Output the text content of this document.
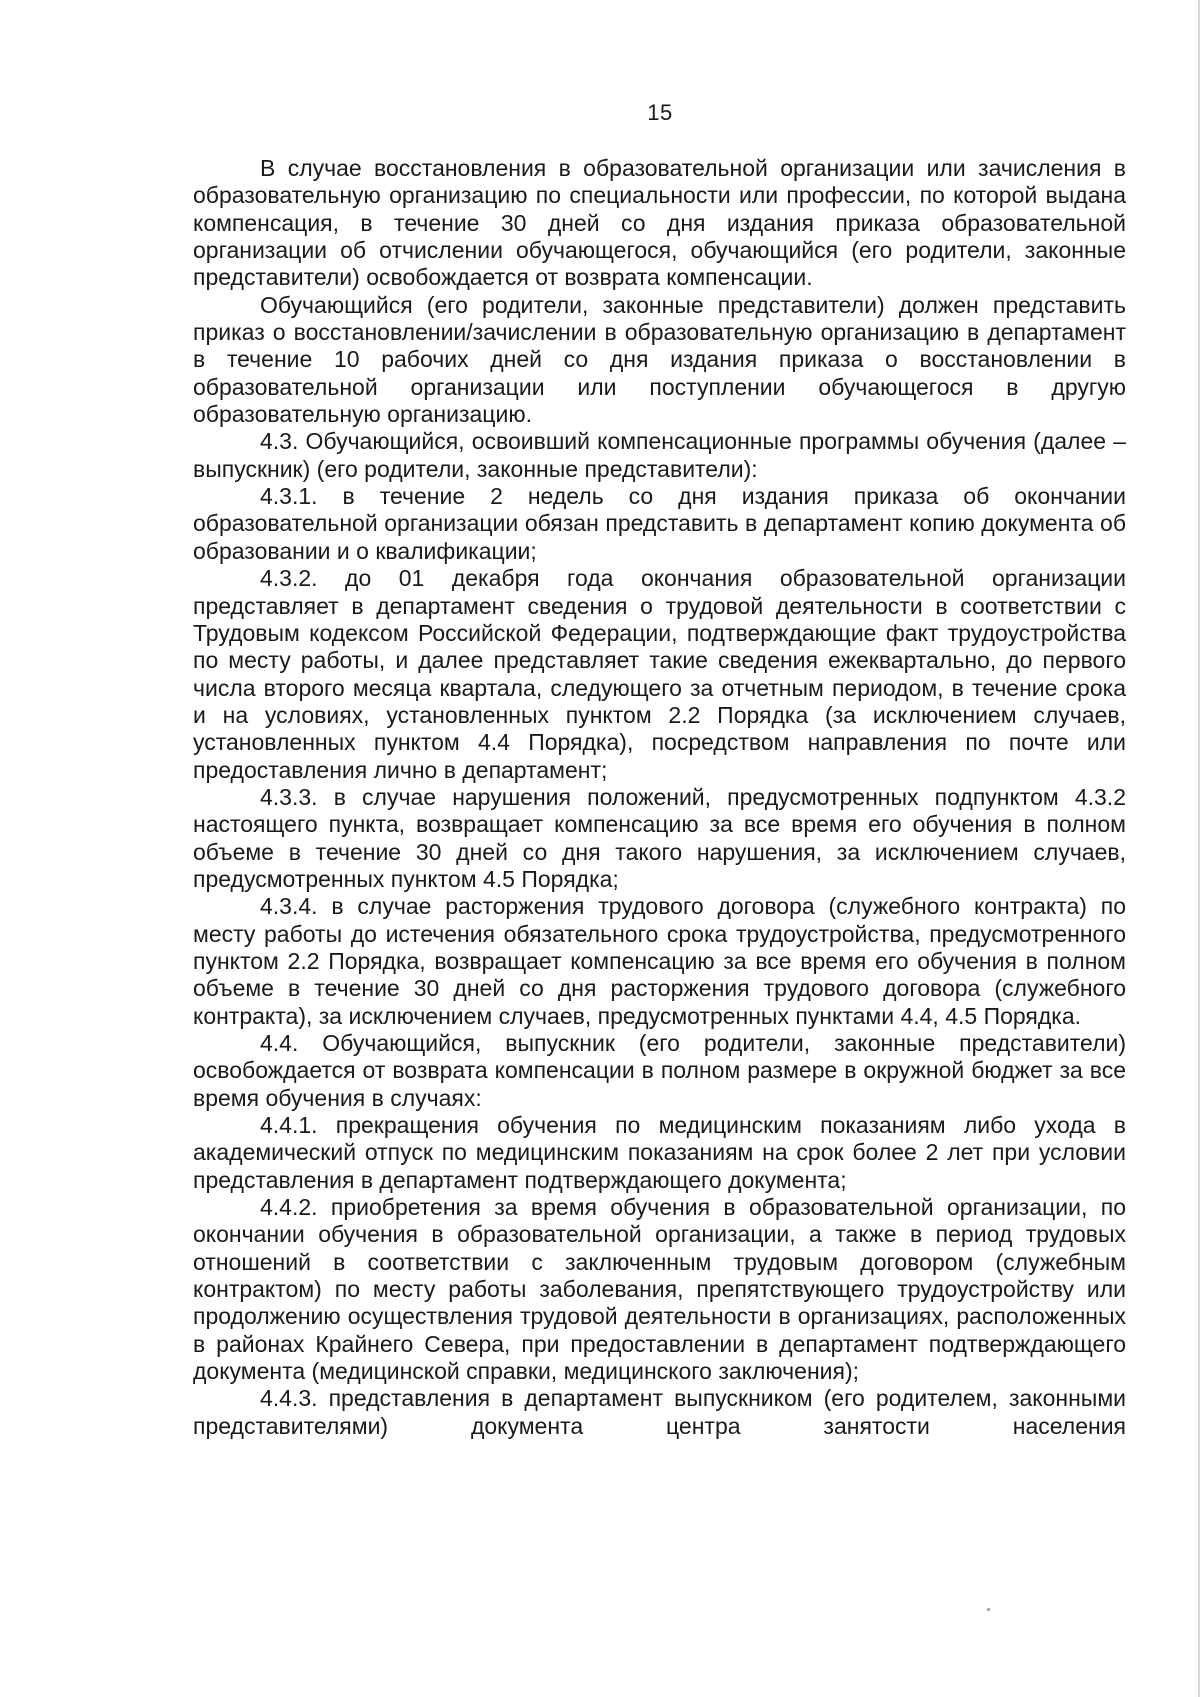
15

В случае восстановления в образовательной организации или зачисления в образовательную организацию по специальности или профессии, по которой выдана компенсация, в течение 30 дней со дня издания приказа образовательной организации об отчислении обучающегося, обучающийся (его родители, законные представители) освобождается от возврата компенсации.

Обучающийся (его родители, законные представители) должен представить приказ о восстановлении/зачислении в образовательную организацию в департамент в течение 10 рабочих дней со дня издания приказа о восстановлении в образовательной организации или поступлении обучающегося в другую образовательную организацию.

4.3. Обучающийся, освоивший компенсационные программы обучения (далее – выпускник) (его родители, законные представители):

4.3.1. в течение 2 недель со дня издания приказа об окончании образовательной организации обязан представить в департамент копию документа об образовании и о квалификации;

4.3.2. до 01 декабря года окончания образовательной организации представляет в департамент сведения о трудовой деятельности в соответствии с Трудовым кодексом Российской Федерации, подтверждающие факт трудоустройства по месту работы, и далее представляет такие сведения ежеквартально, до первого числа второго месяца квартала, следующего за отчетным периодом, в течение срока и на условиях, установленных пунктом 2.2 Порядка (за исключением случаев, установленных пунктом 4.4 Порядка), посредством направления по почте или предоставления лично в департамент;

4.3.3. в случае нарушения положений, предусмотренных подпунктом 4.3.2 настоящего пункта, возвращает компенсацию за все время его обучения в полном объеме в течение 30 дней со дня такого нарушения, за исключением случаев, предусмотренных пунктом 4.5 Порядка;

4.3.4. в случае расторжения трудового договора (служебного контракта) по месту работы до истечения обязательного срока трудоустройства, предусмотренного пунктом 2.2 Порядка, возвращает компенсацию за все время его обучения в полном объеме в течение 30 дней со дня расторжения трудового договора (служебного контракта), за исключением случаев, предусмотренных пунктами 4.4, 4.5 Порядка.

4.4. Обучающийся, выпускник (его родители, законные представители) освобождается от возврата компенсации в полном размере в окружной бюджет за все время обучения в случаях:

4.4.1. прекращения обучения по медицинским показаниям либо ухода в академический отпуск по медицинским показаниям на срок более 2 лет при условии представления в департамент подтверждающего документа;

4.4.2. приобретения за время обучения в образовательной организации, по окончании обучения в образовательной организации, а также в период трудовых отношений в соответствии с заключенным трудовым договором (служебным контрактом) по месту работы заболевания, препятствующего трудоустройству или продолжению осуществления трудовой деятельности в организациях, расположенных в районах Крайнего Севера, при предоставлении в департамент подтверждающего документа (медицинской справки, медицинского заключения);

4.4.3. представления в департамент выпускником (его родителем, законными представителями) документа центра занятости населения
